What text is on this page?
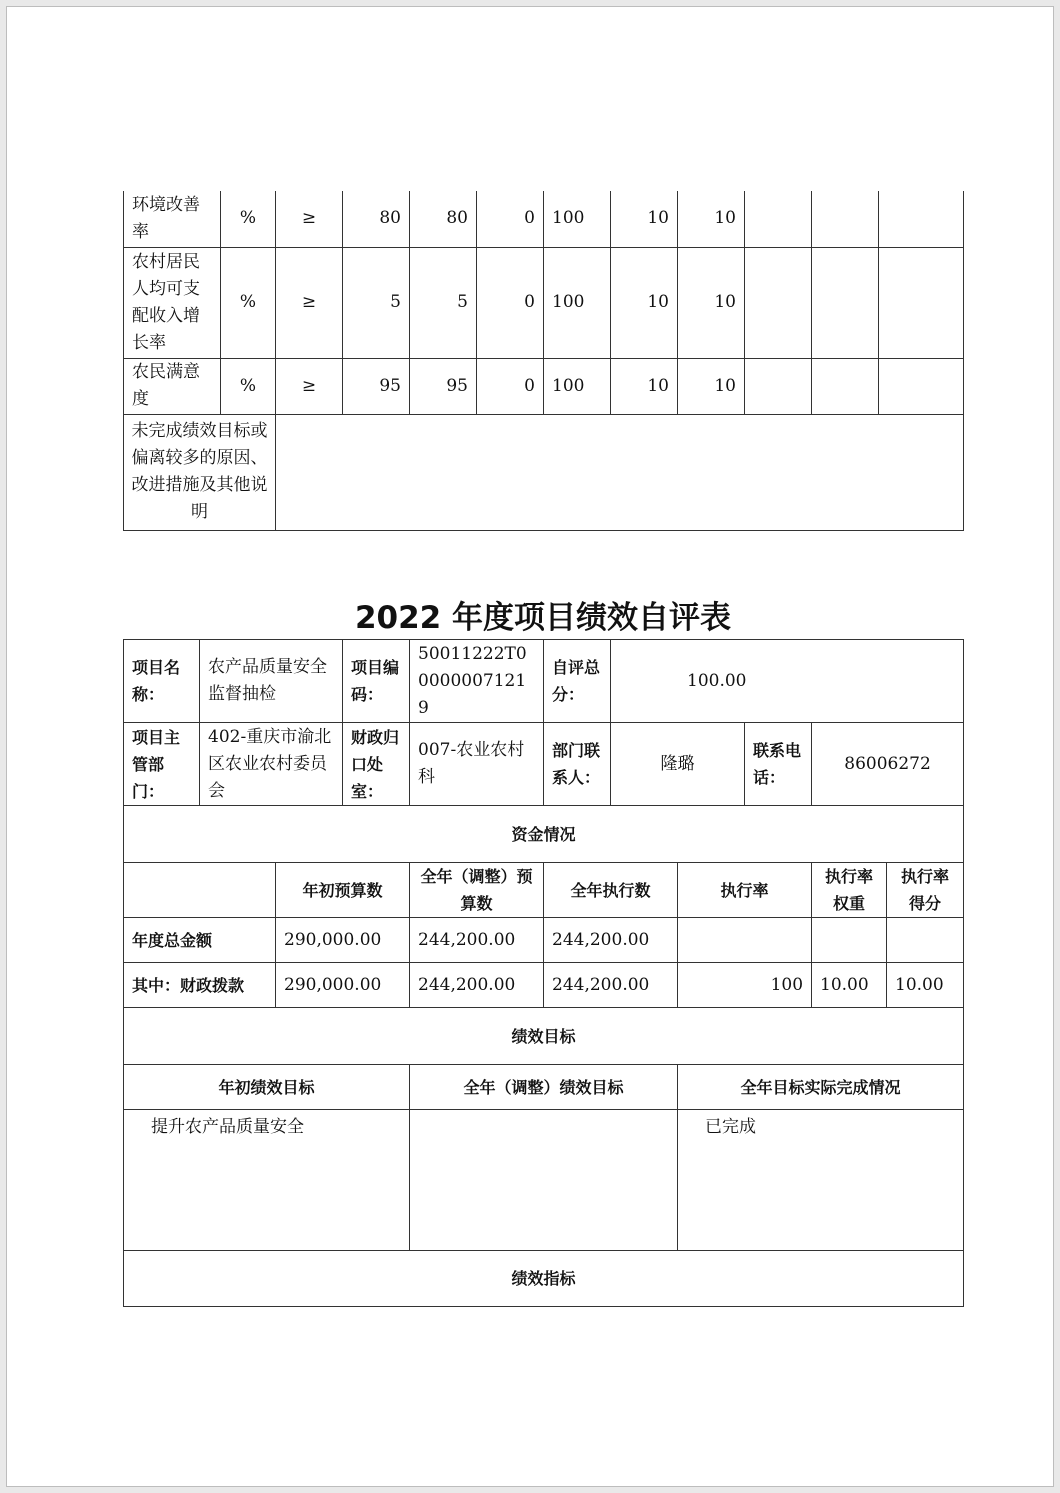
环境改善率	%	≥	80	80	0	100	10	10			
农村居民人均可支配收入增长率	%	≥	5	5	0	100	10	10			
农民满意度	%	≥	95	95	0	100	10	10			
未完成绩效目标或偏离较多的原因、改进措施及其他说明											
2022 年度项目绩效自评表
项目名称：	农产品质量安全监督抽检		项目编码：	50011222T000000071219	自评总分：	100.00				
项目主管部门：	402-重庆市渝北区农业农村委员会		财政归口处室：	007-农业农村科	部门联系人：	隆璐		联系电话：	86006272	
资金情况										
		年初预算数		全年（调整）预算数	全年执行数		执行率		执行率权重	执行率得分
年度总金额		290,000.00		244,200.00	244,200.00					
其中：财政拨款		290,000.00		244,200.00	244,200.00		100		10.00	10.00
绩效目标										
年初绩效目标				全年（调整）绩效目标			全年目标实际完成情况			
提升农产品质量安全							已完成			
绩效指标										
